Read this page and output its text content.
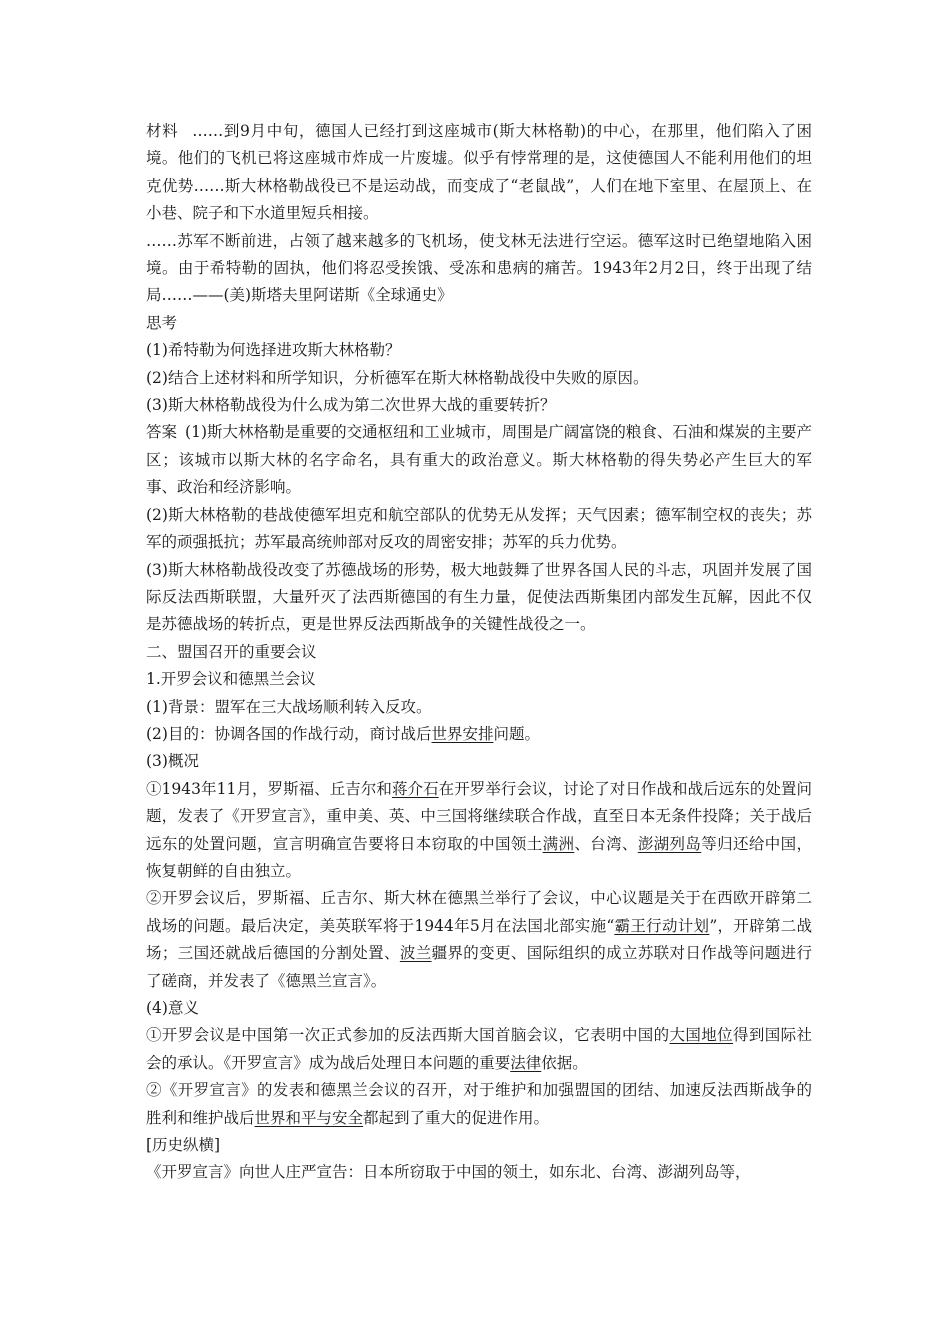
材料 ……到9月中旬，德国人已经打到这座城市(斯大林格勒)的中心，在那里，他们陷入了困境。他们的飞机已将这座城市炸成一片废墟。似乎有悖常理的是，这使德国人不能利用他们的坦克优势……斯大林格勒战役已不是运动战，而变成了“老鼠战”，人们在地下室里、在屋顶上、在小巷、院子和下水道里短兵相接。

……苏军不断前进，占领了越来越多的飞机场，使戈林无法进行空运。德军这时已绝望地陷入困境。由于希特勒的固执，他们将忍受挨饿、受冻和患病的痛苦。1943年2月2日，终于出现了结局……——(美)斯塔夫里阿诺斯《全球通史》

思考

(1)希特勒为何选择进攻斯大林格勒？

(2)结合上述材料和所学知识，分析德军在斯大林格勒战役中失败的原因。

(3)斯大林格勒战役为什么成为第二次世界大战的重要转折？

答案 (1)斯大林格勒是重要的交通枢纽和工业城市，周围是广阔富饶的粮食、石油和煤炭的主要产区；该城市以斯大林的名字命名，具有重大的政治意义。斯大林格勒的得失势必产生巨大的军事、政治和经济影响。

(2)斯大林格勒的巷战使德军坦克和航空部队的优势无从发挥；天气因素；德军制空权的丧失；苏军的顽强抵抗；苏军最高统帅部对反攻的周密安排；苏军的兵力优势。

(3)斯大林格勒战役改变了苏德战场的形势，极大地鼓舞了世界各国人民的斗志，巩固并发展了国际反法西斯联盟，大量歼灭了法西斯德国的有生力量，促使法西斯集团内部发生瓦解，因此不仅是苏德战场的转折点，更是世界反法西斯战争的关键性战役之一。

二、盟国召开的重要会议

1.开罗会议和德黑兰会议

(1)背景：盟军在三大战场顺利转入反攻。

(2)目的：协调各国的作战行动，商讨战后世界安排问题。

(3)概况

①1943年11月，罗斯福、丘吉尔和蒋介石在开罗举行会议，讨论了对日作战和战后远东的处置问题，发表了《开罗宣言》，重申美、英、中三国将继续联合作战，直至日本无条件投降；关于战后远东的处置问题，宣言明确宣告要将日本窃取的中国领土满洲、台湾、澎湖列岛等归还给中国，恢复朝鲜的自由独立。

②开罗会议后，罗斯福、丘吉尔、斯大林在德黑兰举行了会议，中心议题是关于在西欧开辟第二战场的问题。最后决定，美英联军将于1944年5月在法国北部实施“霸王行动计划”，开辟第二战场；三国还就战后德国的分割处置、波兰疆界的变更、国际组织的成立苏联对日作战等问题进行了磋商，并发表了《德黑兰宣言》。

(4)意义

①开罗会议是中国第一次正式参加的反法西斯大国首脑会议，它表明中国的大国地位得到国际社会的承认。《开罗宣言》成为战后处理日本问题的重要法律依据。

②《开罗宣言》的发表和德黑兰会议的召开，对于维护和加强盟国的团结、加速反法西斯战争的胜利和维护战后世界和平与安全都起到了重大的促进作用。

[历史纵横]

《开罗宣言》向世人庄严宣告：日本所窃取于中国的领土，如东北、台湾、澎湖列岛等，
